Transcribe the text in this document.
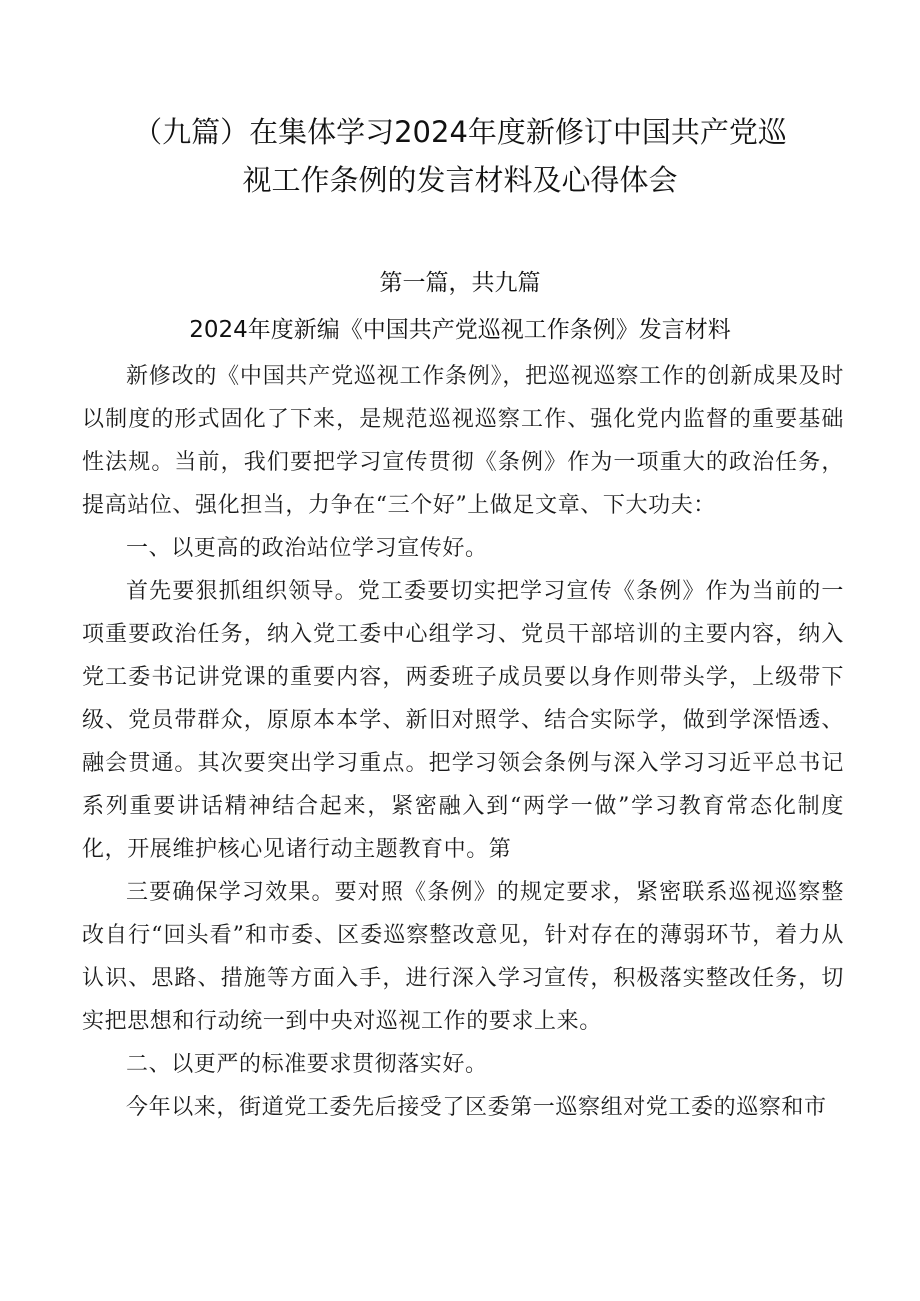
（九篇）在集体学习2024年度新修订中国共产党巡
视工作条例的发言材料及心得体会
第一篇，共九篇
2024年度新编《中国共产党巡视工作条例》发言材料

新修改的《中国共产党巡视工作条例》，把巡视巡察工作的创新成果及时以制度的形式固化了下来，是规范巡视巡察工作、强化党内监督的重要基础性法规。当前，我们要把学习宣传贯彻《条例》作为一项重大的政治任务，提高站位、强化担当，力争在“三个好”上做足文章、下大功夫：

一、以更高的政治站位学习宣传好。

首先要狠抓组织领导。党工委要切实把学习宣传《条例》作为当前的一项重要政治任务，纳入党工委中心组学习、党员干部培训的主要内容，纳入党工委书记讲党课的重要内容，两委班子成员要以身作则带头学，上级带下级、党员带群众，原原本本学、新旧对照学、结合实际学，做到学深悟透、融会贯通。其次要突出学习重点。把学习领会条例与深入学习习近平总书记系列重要讲话精神结合起来，紧密融入到“两学一做”学习教育常态化制度化，开展维护核心见诸行动主题教育中。第

三要确保学习效果。要对照《条例》的规定要求，紧密联系巡视巡察整改自行“回头看”和市委、区委巡察整改意见，针对存在的薄弱环节，着力从认识、思路、措施等方面入手，进行深入学习宣传，积极落实整改任务，切实把思想和行动统一到中央对巡视工作的要求上来。

二、以更严的标准要求贯彻落实好。

今年以来，街道党工委先后接受了区委第一巡察组对党工委的巡察和市
